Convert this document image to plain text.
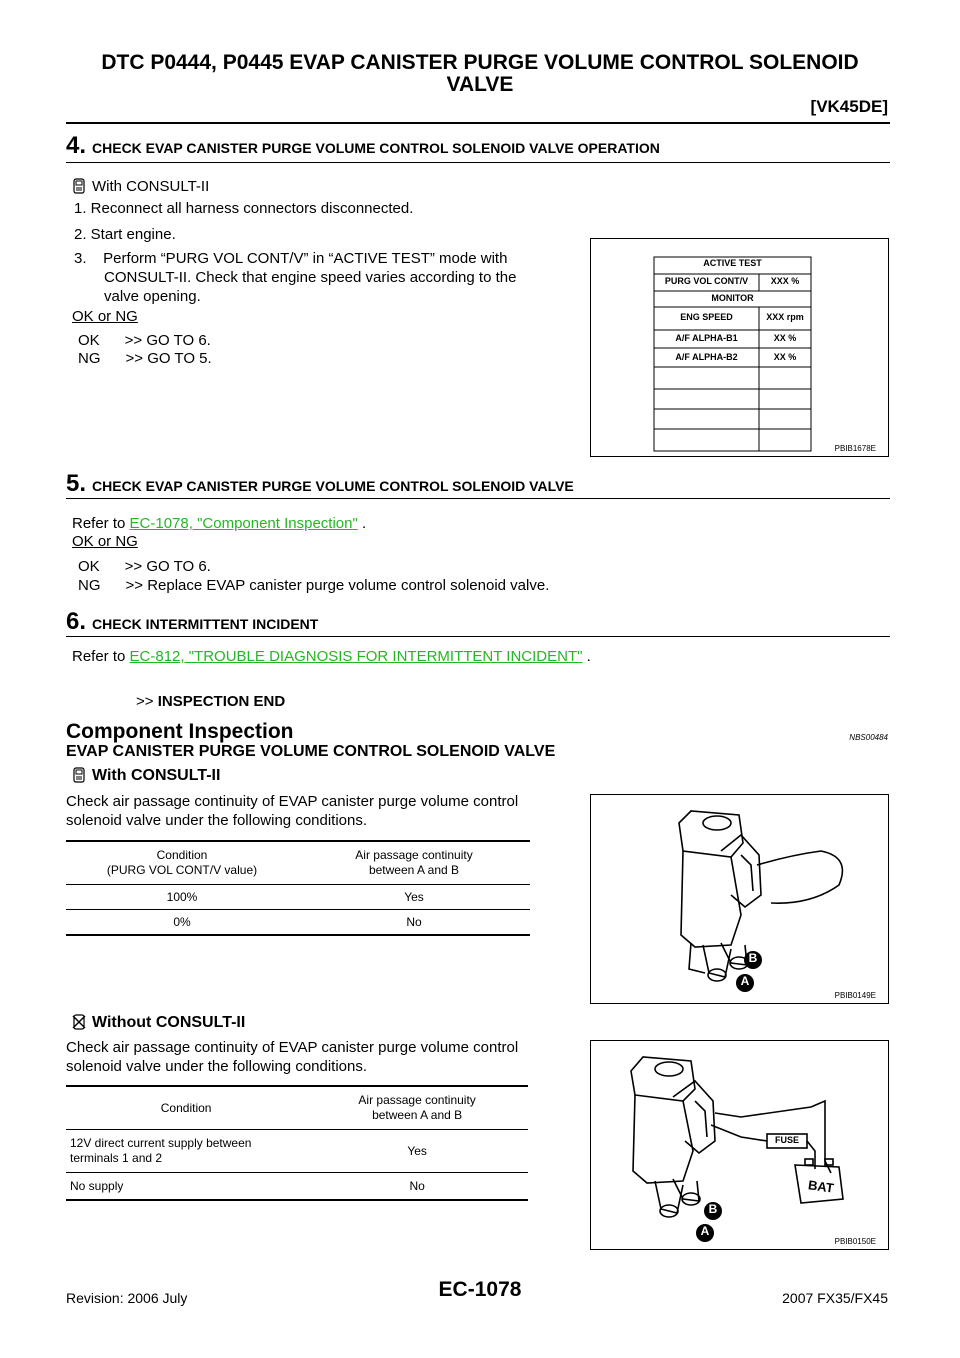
DTC P0444, P0445 EVAP CANISTER PURGE VOLUME CONTROL SOLENOID
VALVE
[VK45DE]
4. CHECK EVAP CANISTER PURGE VOLUME CONTROL SOLENOID VALVE OPERATION
With CONSULT-II
1. Reconnect all harness connectors disconnected.
2. Start engine.
3.    Perform “PURG VOL CONT/V” in “ACTIVE TEST” mode with
CONSULT-II. Check that engine speed varies according to the
valve opening.
OK or NG
OK      >> GO TO 6.
NG      >> GO TO 5.
ACTIVE TEST
PURG VOL CONT/V	XXX %
MONITOR
ENG SPEED	XXX rpm
A/F ALPHA-B1	XX %
A/F ALPHA-B2	XX %
PBIB1678E
5. CHECK EVAP CANISTER PURGE VOLUME CONTROL SOLENOID VALVE
Refer to EC-1078, "Component Inspection" .
OK or NG
OK      >> GO TO 6.
NG      >> Replace EVAP canister purge volume control solenoid valve.
6. CHECK INTERMITTENT INCIDENT
Refer to EC-812, "TROUBLE DIAGNOSIS FOR INTERMITTENT INCIDENT" .
>> INSPECTION END
Component Inspection	NBS00484
EVAP CANISTER PURGE VOLUME CONTROL SOLENOID VALVE
With CONSULT-II
Check air passage continuity of EVAP canister purge volume control
solenoid valve under the following conditions.
Condition
(PURG VOL CONT/V value)	Air passage continuity
between A and B
100%	Yes
0%	No
B
A
PBIB0149E
Without CONSULT-II
Check air passage continuity of EVAP canister purge volume control
solenoid valve under the following conditions.
Condition	Air passage continuity
between A and B
12V direct current supply between
terminals 1 and 2	Yes
No supply	No
FUSE
BAT
B
A
PBIB0150E
Revision: 2006 July	EC-1078	2007 FX35/FX45
